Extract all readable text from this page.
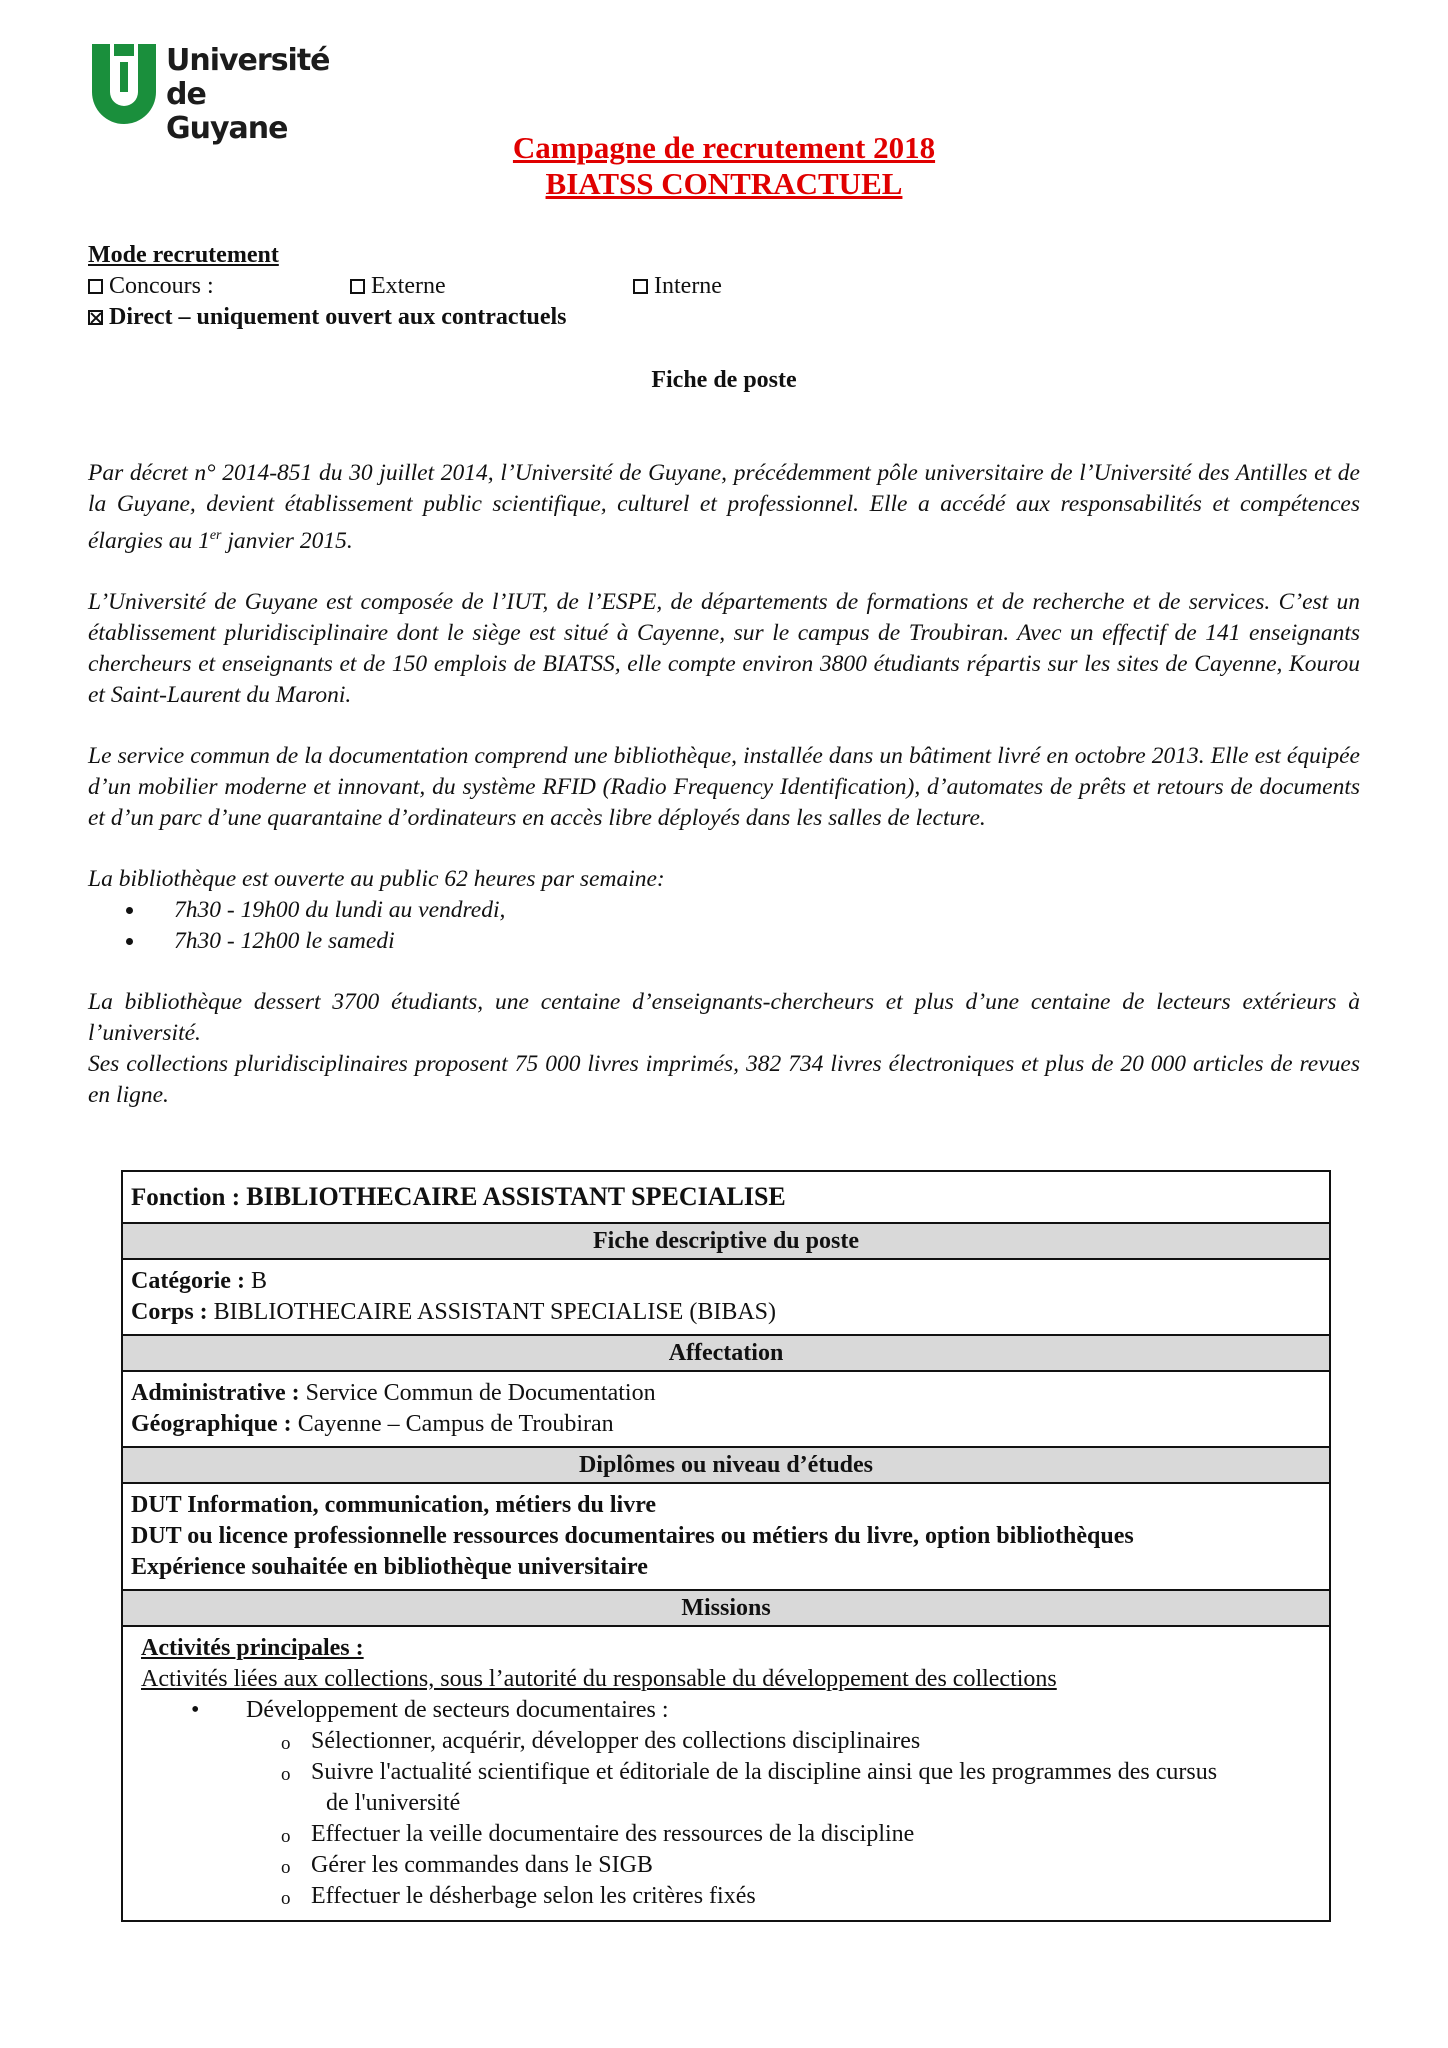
Université
de Guyane
Campagne de recrutement 2018
BIATSS CONTRACTUEL
Mode recrutement
Concours :	Externe	Interne
Direct – uniquement ouvert aux contractuels
Fiche de poste

Par décret n° 2014-851 du 30 juillet 2014, l’Université de Guyane, précédemment pôle universitaire de l’Université des Antilles et de la Guyane, devient établissement public scientifique, culturel et professionnel. Elle a accédé aux responsabilités et compétences élargies au 1er janvier 2015.

L’Université de Guyane est composée de l’IUT, de l’ESPE, de départements de formations et de recherche et de services. C’est un établissement pluridisciplinaire dont le siège est situé à Cayenne, sur le campus de Troubiran. Avec un effectif de 141 enseignants chercheurs et enseignants et de 150 emplois de BIATSS, elle compte environ 3800 étudiants répartis sur les sites de Cayenne, Kourou et Saint-Laurent du Maroni.

Le service commun de la documentation comprend une bibliothèque, installée dans un bâtiment livré en octobre 2013. Elle est équipée d’un mobilier moderne et innovant, du système RFID (Radio Frequency Identification), d’automates de prêts et retours de documents et d’un parc d’une quarantaine d’ordinateurs en accès libre déployés dans les salles de lecture.

La bibliothèque est ouverte au public 62 heures par semaine:

• 7h30 - 19h00 du lundi au vendredi,
• 7h30 - 12h00 le samedi

La bibliothèque dessert 3700 étudiants, une centaine d’enseignants-chercheurs et plus d’une centaine de lecteurs extérieurs à l’université.

Ses collections pluridisciplinaires proposent 75 000 livres imprimés, 382 734 livres électroniques et plus de 20 000 articles de revues en ligne.

Fonction : BIBLIOTHECAIRE ASSISTANT SPECIALISE
Fiche descriptive du poste
Catégorie : B
Corps : BIBLIOTHECAIRE ASSISTANT SPECIALISE (BIBAS)
Affectation
Administrative : Service Commun de Documentation
Géographique : Cayenne – Campus de Troubiran
Diplômes ou niveau d’études
DUT Information, communication, métiers du livre
DUT ou licence professionnelle ressources documentaires ou métiers du livre, option bibliothèques
Expérience souhaitée en bibliothèque universitaire
Missions
Activités principales :
Activités liées aux collections, sous l’autorité du responsable du développement des collections
• Développement de secteurs documentaires :
o Sélectionner, acquérir, développer des collections disciplinaires
o Suivre l'actualité scientifique et éditoriale de la discipline ainsi que les programmes des cursus
de l'université
o Effectuer la veille documentaire des ressources de la discipline
o Gérer les commandes dans le SIGB
o Effectuer le désherbage selon les critères fixés
